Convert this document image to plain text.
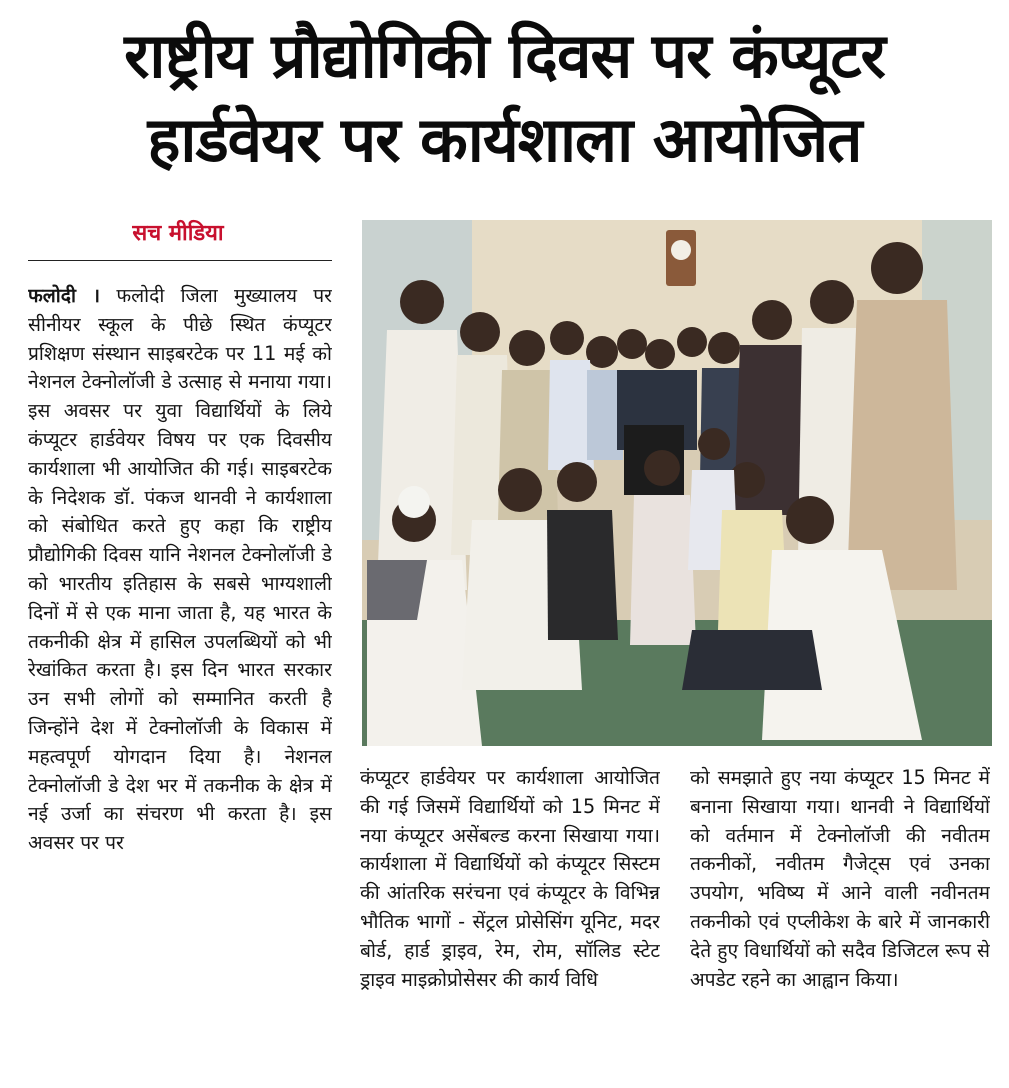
राष्ट्रीय प्रौद्योगिकी दिवस पर कंप्यूटर
हार्डवेयर पर कार्यशाला आयोजित
सच मीडिया
फलोदी । फलोदी जिला मुख्यालय पर सीनीयर स्कूल के पीछे स्थित कंप्यूटर प्रशिक्षण संस्थान साइबरटेक पर 11 मई को नेशनल टेक्नोलॉजी डे उत्साह से मनाया गया। इस अवसर पर युवा विद्यार्थियों के लिये कंप्यूटर हार्डवेयर विषय पर एक दिवसीय कार्यशाला भी आयोजित की गई। साइबरटेक के निदेशक डॉ. पंकज थानवी ने कार्यशाला को संबोधित करते हुए कहा कि राष्ट्रीय प्रौद्योगिकी दिवस यानि नेशनल टेक्नोलॉजी डे को भारतीय इतिहास के सबसे भाग्यशाली दिनों में से एक माना जाता है, यह भारत के तकनीकी क्षेत्र में हासिल उपलब्धियों को भी रेखांकित करता है। इस दिन भारत सरकार उन सभी लोगों को सम्मानित करती है जिन्होंने देश में टेक्नोलॉजी के विकास में महत्वपूर्ण योगदान दिया है। नेशनल टेक्नोलॉजी डे देश भर में तकनीक के क्षेत्र में नई उर्जा का संचरण भी करता है। इस अवसर पर पर
कंप्यूटर हार्डवेयर पर कार्यशाला आयोजित की गई जिसमें विद्यार्थियों को 15 मिनट में नया कंप्यूटर असेंबल्ड करना सिखाया गया। कार्यशाला में विद्यार्थियों को कंप्यूटर सिस्टम की आंतरिक सरंचना एवं कंप्यूटर के विभिन्न भौतिक भागों - सेंट्रल प्रोसेसिंग यूनिट, मदर बोर्ड, हार्ड ड्राइव, रेम, रोम, सॉलिड स्टेट ड्राइव माइक्रोप्रोसेसर की कार्य विधि
को समझाते हुए नया कंप्यूटर 15 मिनट में बनाना सिखाया गया। थानवी ने विद्यार्थियों को वर्तमान में टेक्नोलॉजी की नवीतम तकनीकों, नवीतम गैजेट्स एवं उनका उपयोग, भविष्य में आने वाली नवीनतम तकनीको एवं एप्लीकेश के बारे में जानकारी देते हुए विधार्थियों को सदैव डिजिटल रूप से अपडेट रहने का आह्वान किया।
